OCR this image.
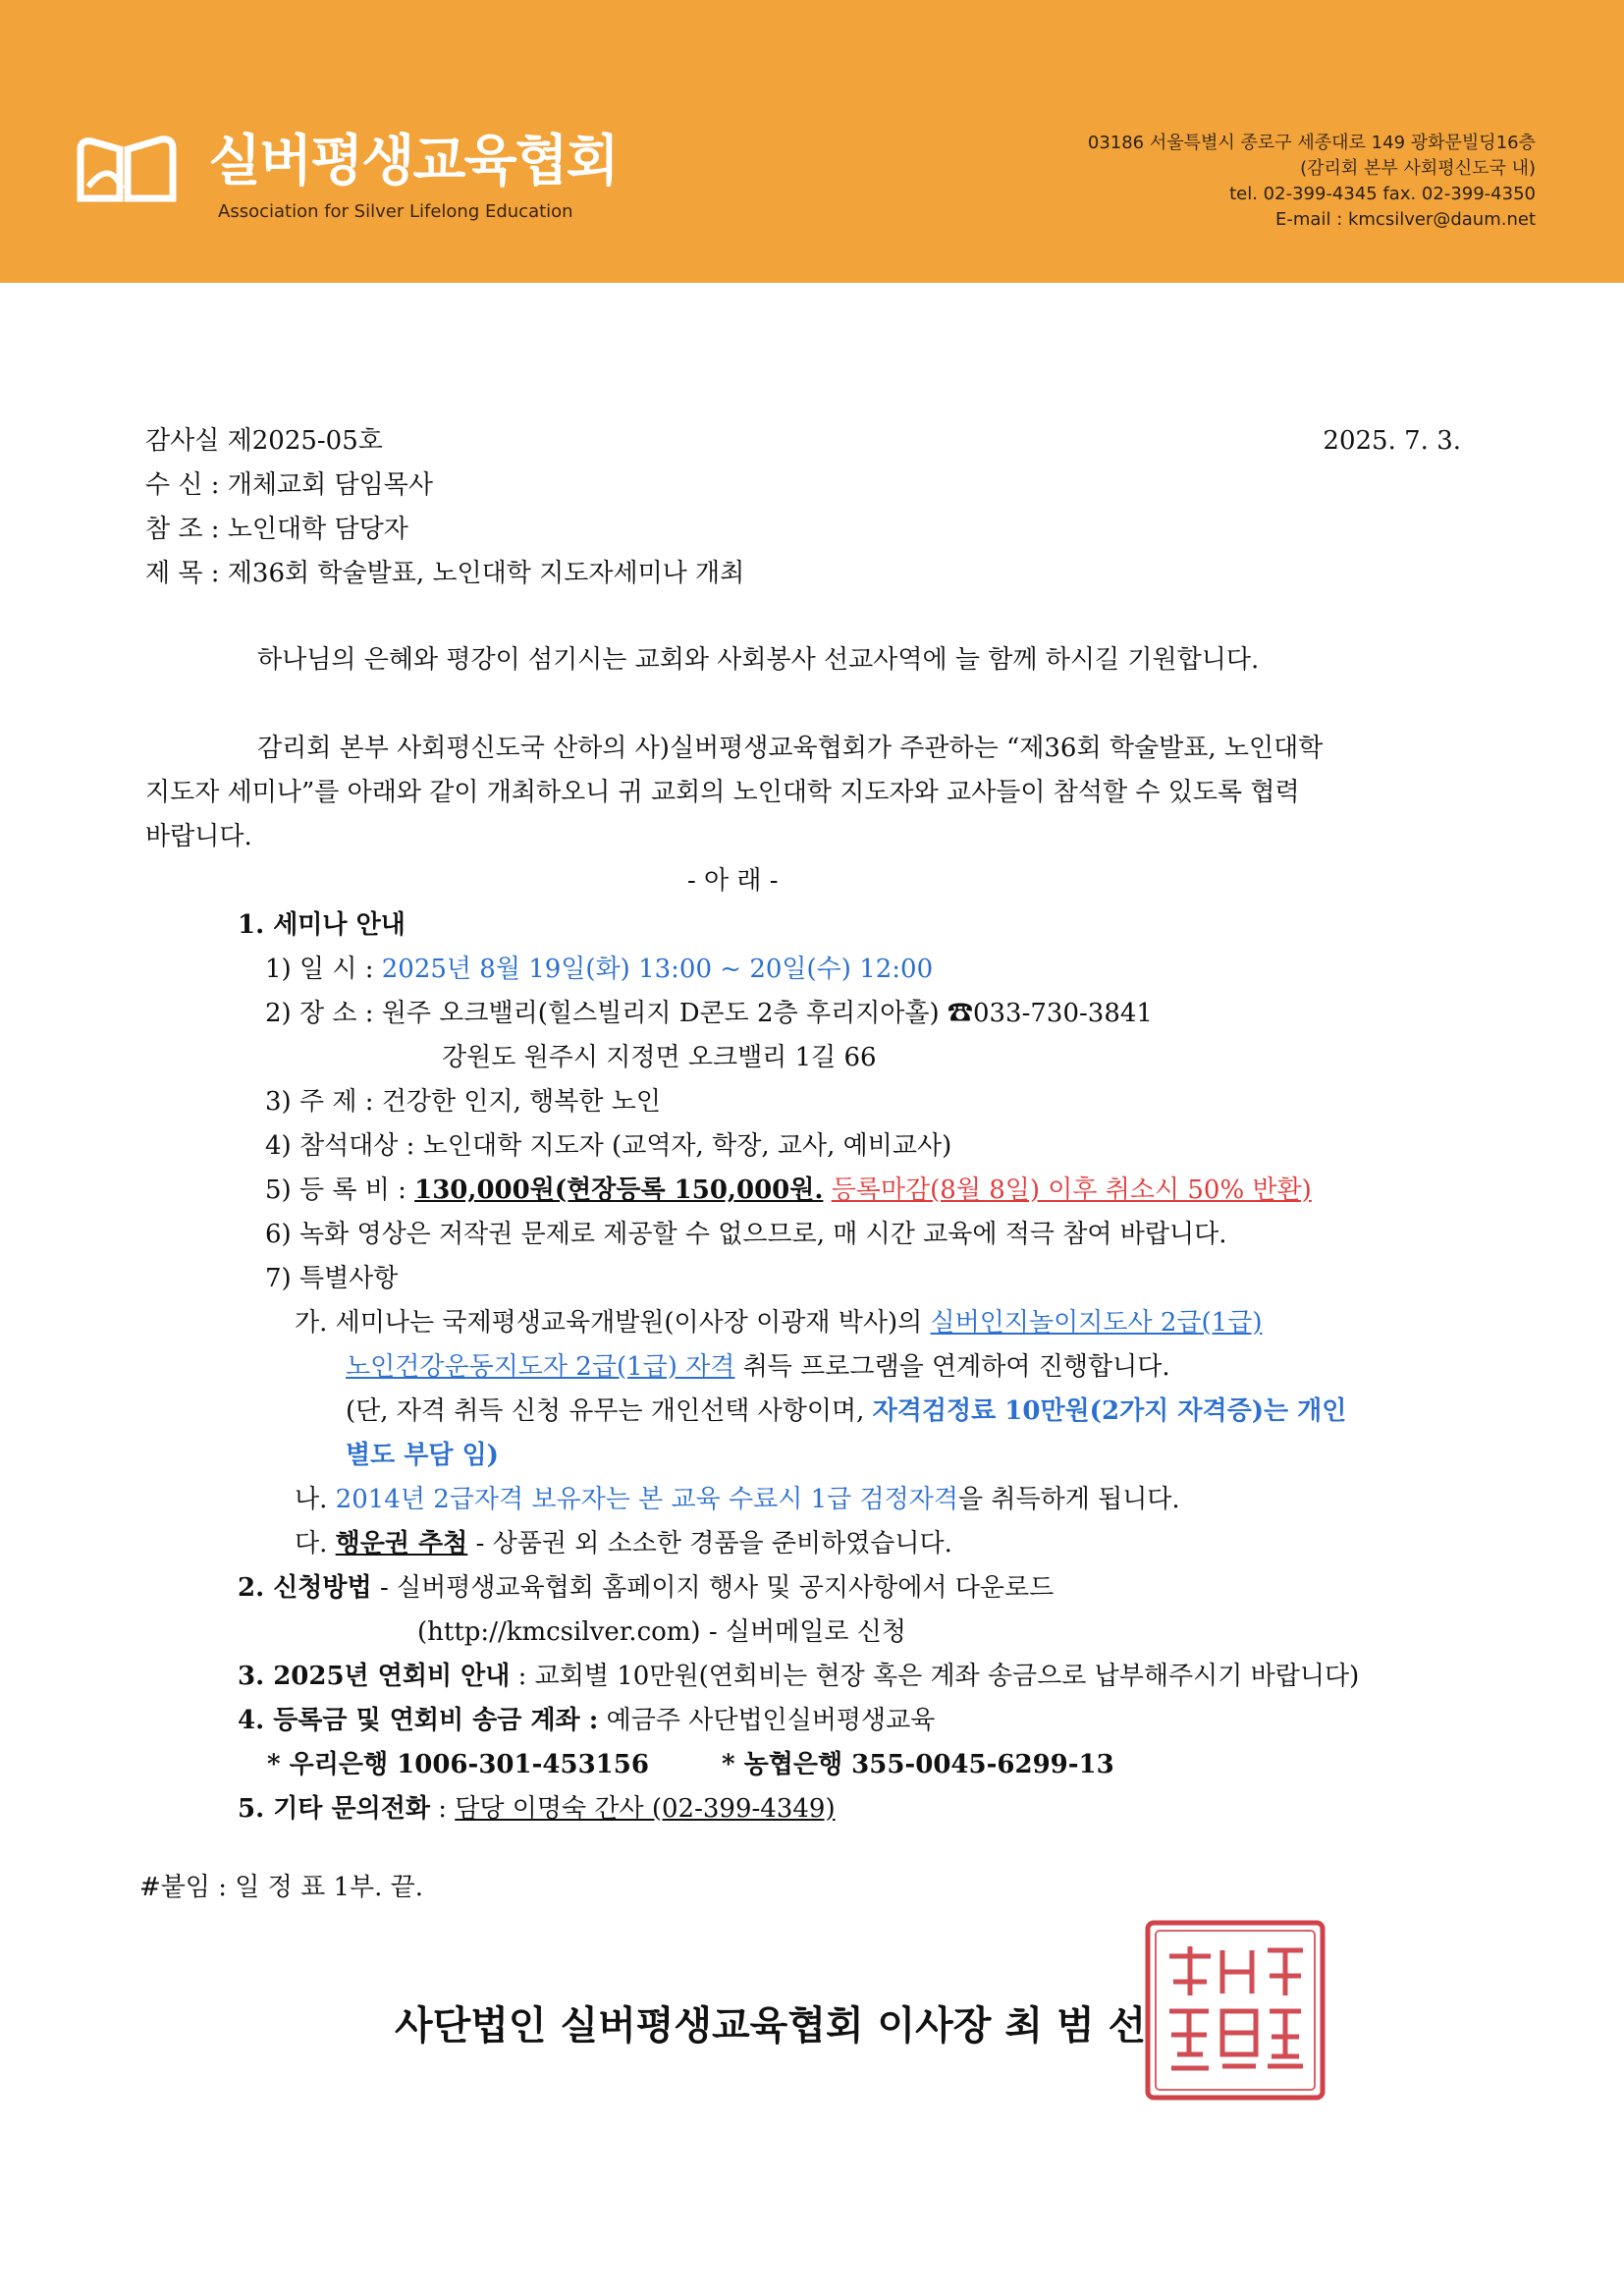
실버평생교육협회
Association for Silver Lifelong Education
03186 서울특별시 종로구 세종대로 149 광화문빌딩16층
(감리회 본부 사회평신도국 내)
tel. 02-399-4345 fax. 02-399-4350
E-mail : kmcsilver@daum.net
감사실 제2025-05호	2025. 7. 3.
수 신 : 개체교회 담임목사
참 조 : 노인대학 담당자
제 목 : 제36회 학술발표, 노인대학 지도자세미나 개최
하나님의 은혜와 평강이 섬기시는 교회와 사회봉사 선교사역에 늘 함께 하시길 기원합니다.
감리회 본부 사회평신도국 산하의 사)실버평생교육협회가 주관하는 “제36회 학술발표, 노인대학
지도자 세미나”를 아래와 같이 개최하오니 귀 교회의 노인대학 지도자와 교사들이 참석할 수 있도록 협력
바랍니다.
- 아 래 -
1. 세미나 안내
1) 일 시 : 2025년 8월 19일(화) 13:00 ~ 20일(수) 12:00
2) 장 소 : 원주 오크밸리(힐스빌리지 D콘도 2층 후리지아홀) ☎033-730-3841
강원도 원주시 지정면 오크밸리 1길 66
3) 주 제 : 건강한 인지, 행복한 노인
4) 참석대상 : 노인대학 지도자 (교역자, 학장, 교사, 예비교사)
5) 등 록 비 : 130,000원(현장등록 150,000원. 등록마감(8월 8일) 이후 취소시 50% 반환)
6) 녹화 영상은 저작권 문제로 제공할 수 없으므로, 매 시간 교육에 적극 참여 바랍니다.
7) 특별사항
가. 세미나는 국제평생교육개발원(이사장 이광재 박사)의 실버인지놀이지도사 2급(1급)
노인건강운동지도자 2급(1급) 자격 취득 프로그램을 연계하여 진행합니다.
(단, 자격 취득 신청 유무는 개인선택 사항이며, 자격검정료 10만원(2가지 자격증)는 개인
별도 부담 임)
나. 2014년 2급자격 보유자는 본 교육 수료시 1급 검정자격을 취득하게 됩니다.
다. 행운권 추첨 - 상품권 외 소소한 경품을 준비하였습니다.
2. 신청방법 - 실버평생교육협회 홈페이지 행사 및 공지사항에서 다운로드
(http://kmcsilver.com) - 실버메일로 신청
3. 2025년 연회비 안내 : 교회별 10만원(연회비는 현장 혹은 계좌 송금으로 납부해주시기 바랍니다)
4. 등록금 및 연회비 송금 계좌 : 예금주 사단법인실버평생교육
* 우리은행 1006-301-453156	* 농협은행 355-0045-6299-13
5. 기타 문의전화 : 담당 이명숙 간사 (02-399-4349)
#붙임 : 일 정 표 1부. 끝.
사단법인 실버평생교육협회 이사장 최 범 선
